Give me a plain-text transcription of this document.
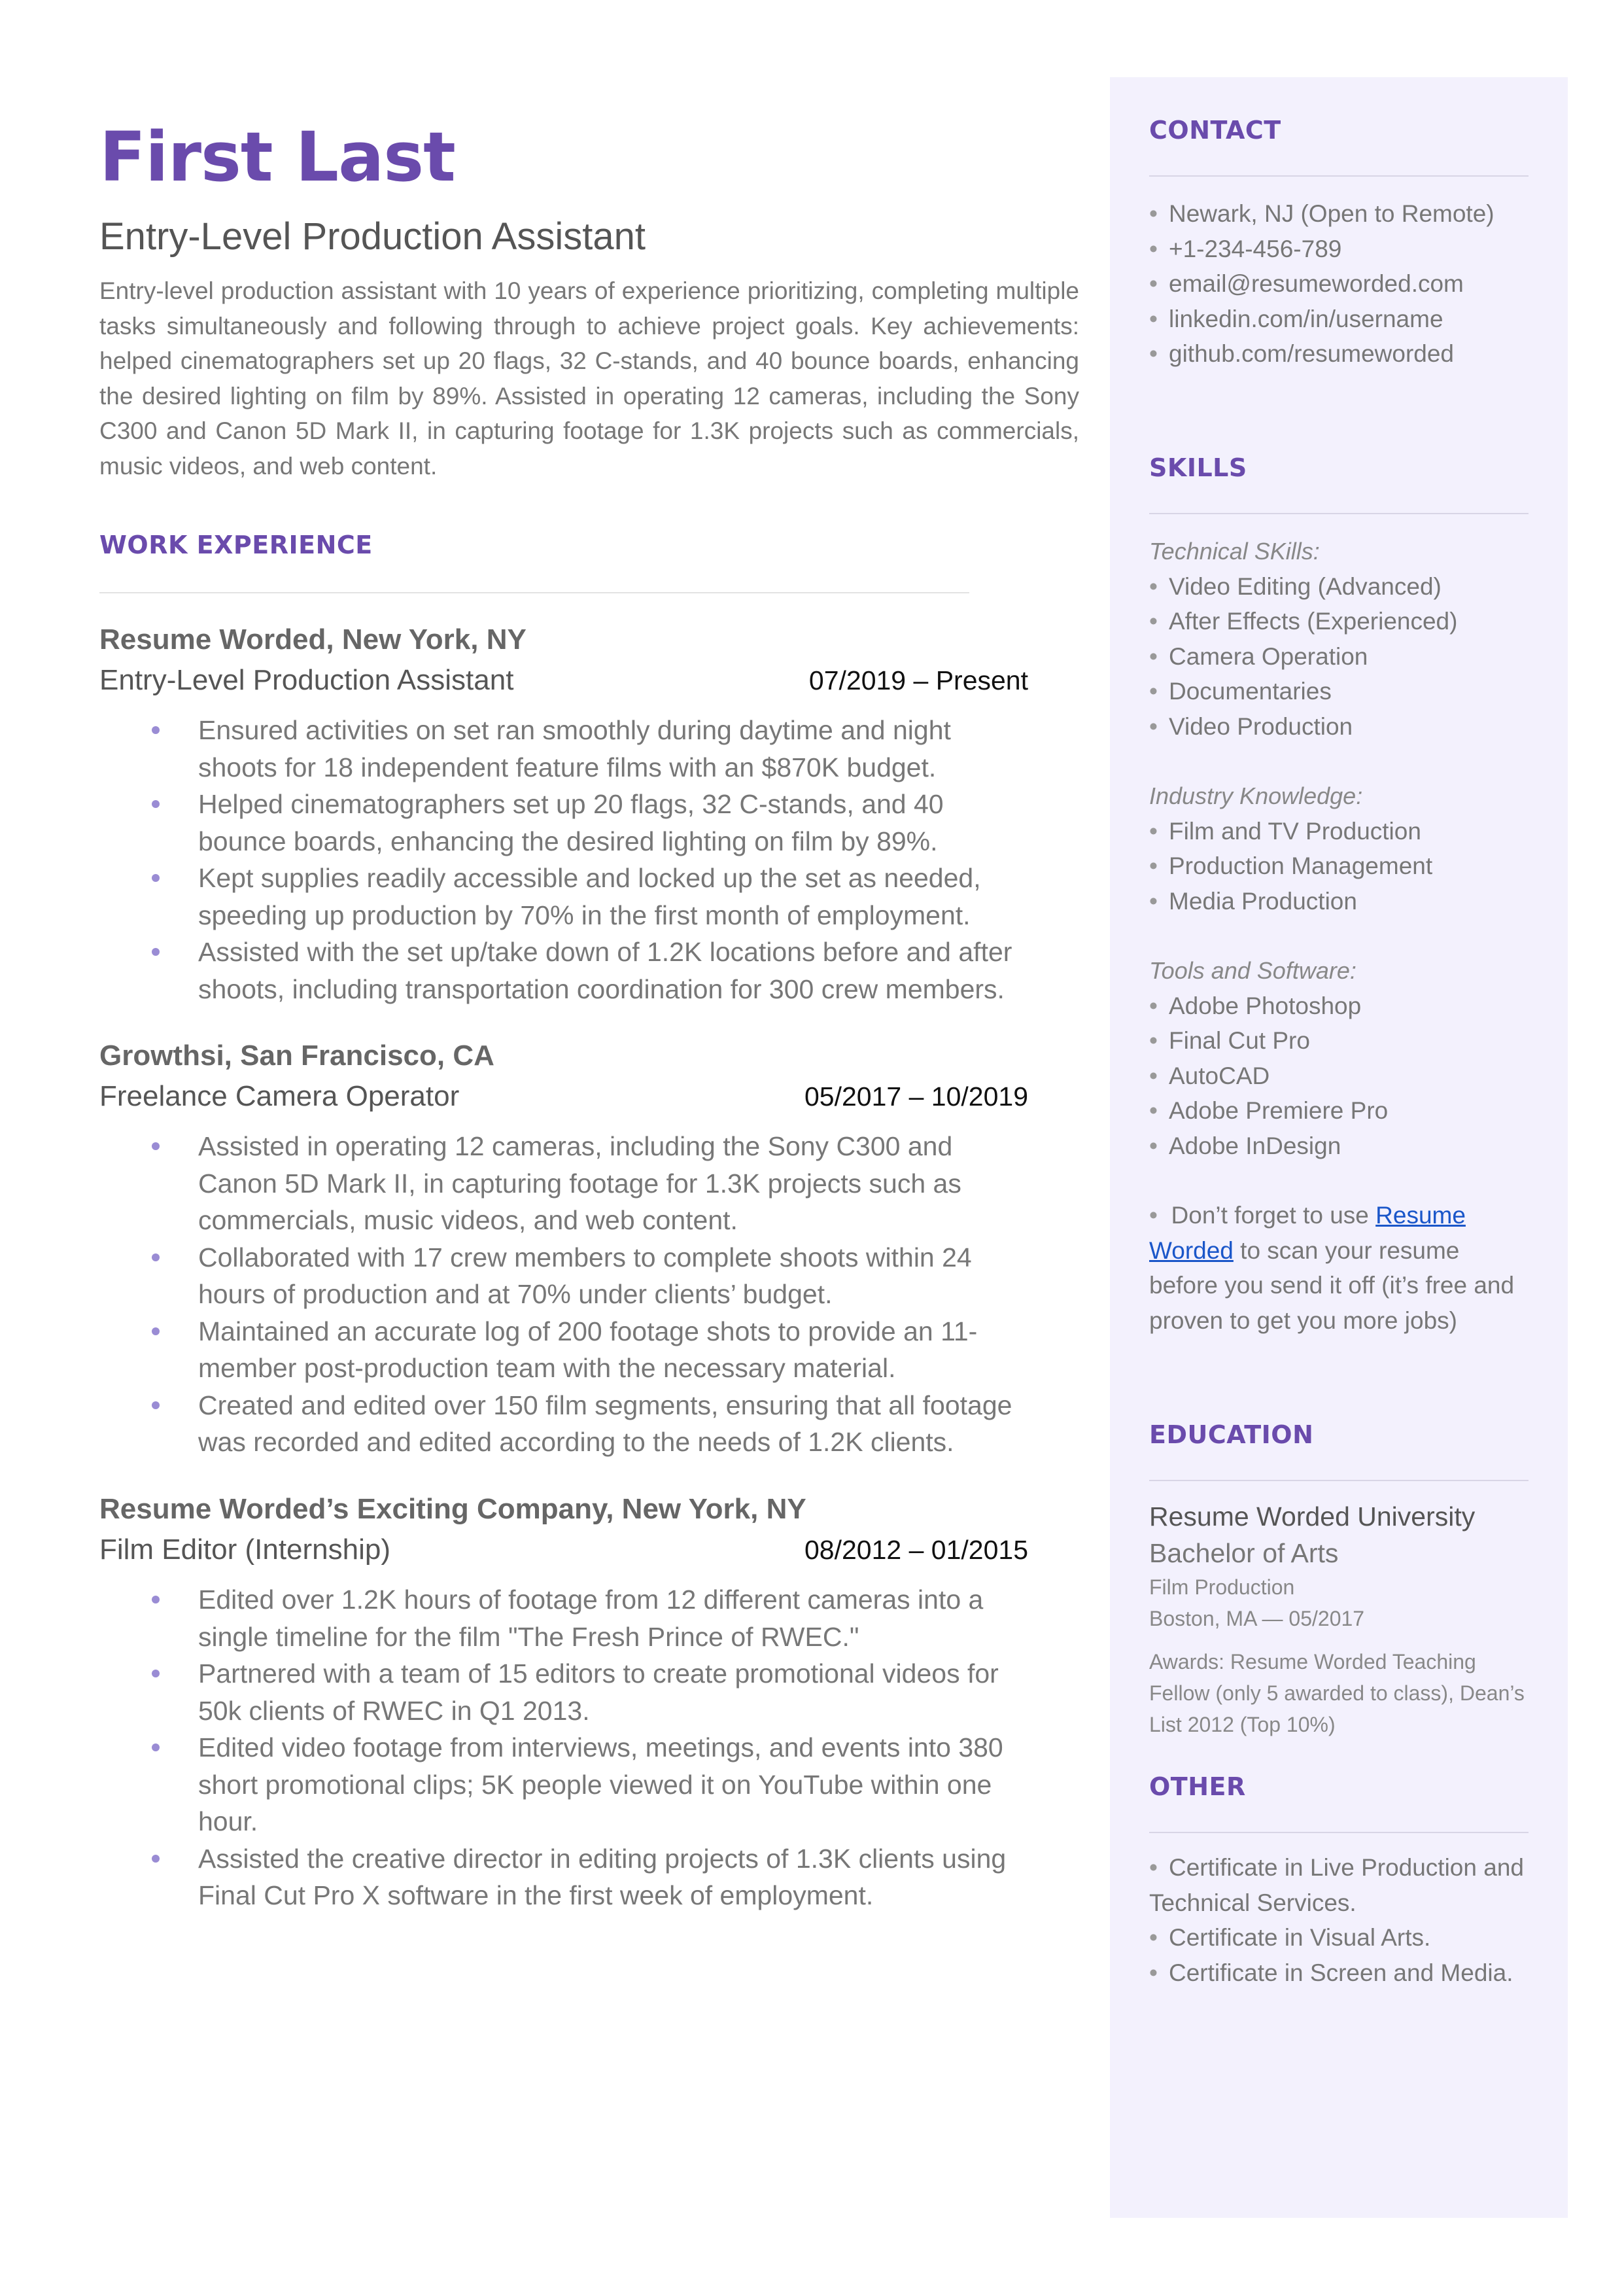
First Last
Entry-Level Production Assistant
Entry-level production assistant with 10 years of experience prioritizing, completing multiple tasks simultaneously and following through to achieve project goals. Key achievements: helped cinematographers set up 20 flags, 32 C-stands, and 40 bounce boards, enhancing the desired lighting on film by 89%. Assisted in operating 12 cameras, including the Sony C300 and Canon 5D Mark II, in capturing footage for 1.3K projects such as commercials, music videos, and web content.
WORK EXPERIENCE
Resume Worded, New York, NY
Entry-Level Production Assistant	07/2019 – Present
Ensured activities on set ran smoothly during daytime and night shoots for 18 independent feature films with an $870K budget.
Helped cinematographers set up 20 flags, 32 C-stands, and 40 bounce boards, enhancing the desired lighting on film by 89%.
Kept supplies readily accessible and locked up the set as needed, speeding up production by 70% in the first month of employment.
Assisted with the set up/take down of 1.2K locations before and after shoots, including transportation coordination for 300 crew members.
Growthsi, San Francisco, CA
Freelance Camera Operator	05/2017 – 10/2019
Assisted in operating 12 cameras, including the Sony C300 and Canon 5D Mark II, in capturing footage for 1.3K projects such as commercials, music videos, and web content.
Collaborated with 17 crew members to complete shoots within 24 hours of production and at 70% under clients’ budget.
Maintained an accurate log of 200 footage shots to provide an 11-member post-production team with the necessary material.
Created and edited over 150 film segments, ensuring that all footage was recorded and edited according to the needs of 1.2K clients.
Resume Worded’s Exciting Company, New York, NY
Film Editor (Internship)	08/2012 – 01/2015
Edited over 1.2K hours of footage from 12 different cameras into a single timeline for the film "The Fresh Prince of RWEC."
Partnered with a team of 15 editors to create promotional videos for 50k clients of RWEC in Q1 2013.
Edited video footage from interviews, meetings, and events into 380 short promotional clips; 5K people viewed it on YouTube within one hour.
Assisted the creative director in editing projects of 1.3K clients using Final Cut Pro X software in the first week of employment.
CONTACT
• Newark, NJ (Open to Remote)
• +1-234-456-789
• email@resumeworded.com
• linkedin.com/in/username
• github.com/resumeworded
SKILLS
Technical SKills:
• Video Editing (Advanced)
• After Effects (Experienced)
• Camera Operation
• Documentaries
• Video Production
Industry Knowledge:
• Film and TV Production
• Production Management
• Media Production
Tools and Software:
• Adobe Photoshop
• Final Cut Pro
• AutoCAD
• Adobe Premiere Pro
• Adobe InDesign
•  Don’t forget to use Resume Worded to scan your resume before you send it off (it’s free and proven to get you more jobs)
EDUCATION
Resume Worded University
Bachelor of Arts
Film Production
Boston, MA — 05/2017
Awards: Resume Worded Teaching Fellow (only 5 awarded to class), Dean’s List 2012 (Top 10%)
OTHER
• Certificate in Live Production and Technical Services.
• Certificate in Visual Arts.
• Certificate in Screen and Media.
